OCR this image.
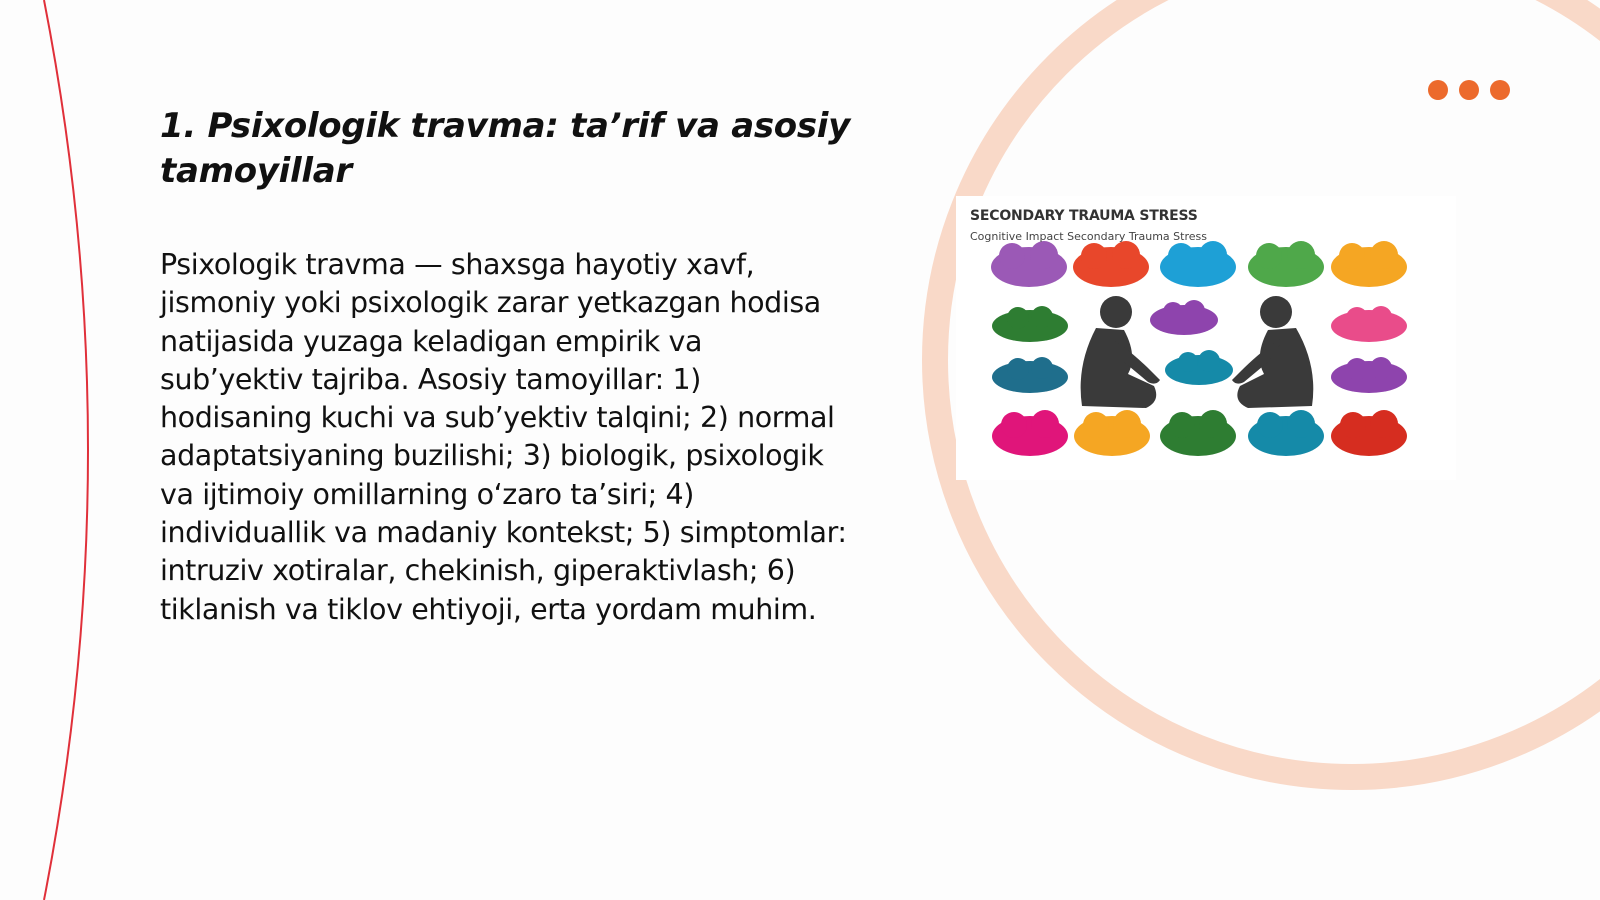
1. Psixologik travma: ta’rif va asosiy tamoyillar

Psixologik travma — shaxsga hayotiy xavf, jismoniy yoki psixologik zarar yetkazgan hodisa natijasida yuzaga keladigan empirik va sub’yektiv tajriba. Asosiy tamoyillar: 1) hodisaning kuchi va sub’yektiv talqini; 2) normal adaptatsiyaning buzilishi; 3) biologik, psixologik va ijtimoiy omillarning o‘zaro ta’siri; 4) individuallik va madaniy kontekst; 5) simptomlar: intruziv xotiralar, chekinish, giperaktivlash; 6) tiklanish va tiklov ehtiyoji, erta yordam muhim.

SECONDARY TRAUMA STRESS

Cognitive Impact Secondary Trauma Stress
